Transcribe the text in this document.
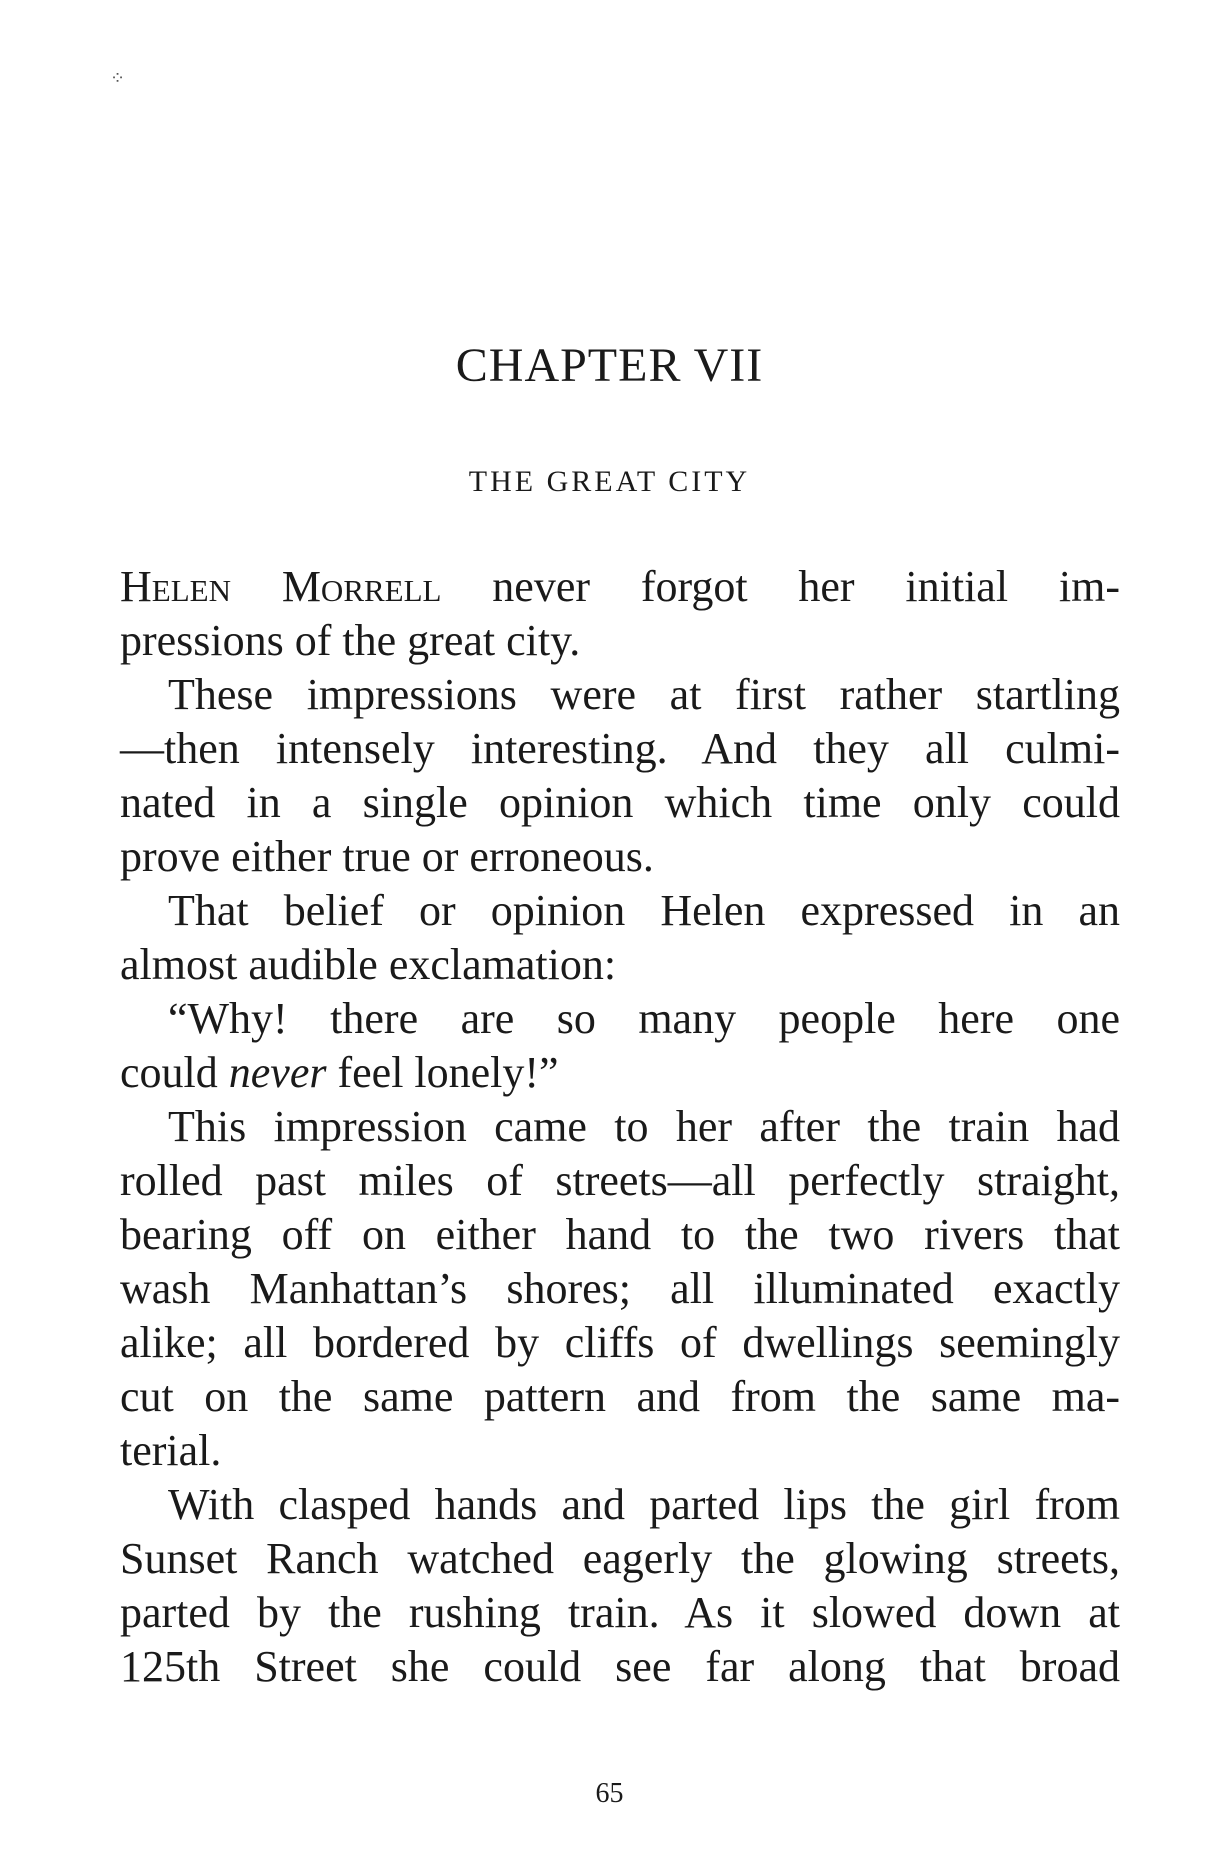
⁘
CHAPTER VII
THE GREAT CITY
Helen Morrell never forgot her initial im-
pressions of the great city.
These impressions were at first rather startling
—then intensely interesting. And they all culmi-
nated in a single opinion which time only could
prove either true or erroneous.
That belief or opinion Helen expressed in an
almost audible exclamation:
“Why! there are so many people here one
could never feel lonely!”
This impression came to her after the train had
rolled past miles of streets—all perfectly straight,
bearing off on either hand to the two rivers that
wash Manhattan’s shores; all illuminated exactly
alike; all bordered by cliffs of dwellings seemingly
cut on the same pattern and from the same ma-
terial.
With clasped hands and parted lips the girl from
Sunset Ranch watched eagerly the glowing streets,
parted by the rushing train. As it slowed down at
125th Street she could see far along that broad
65
